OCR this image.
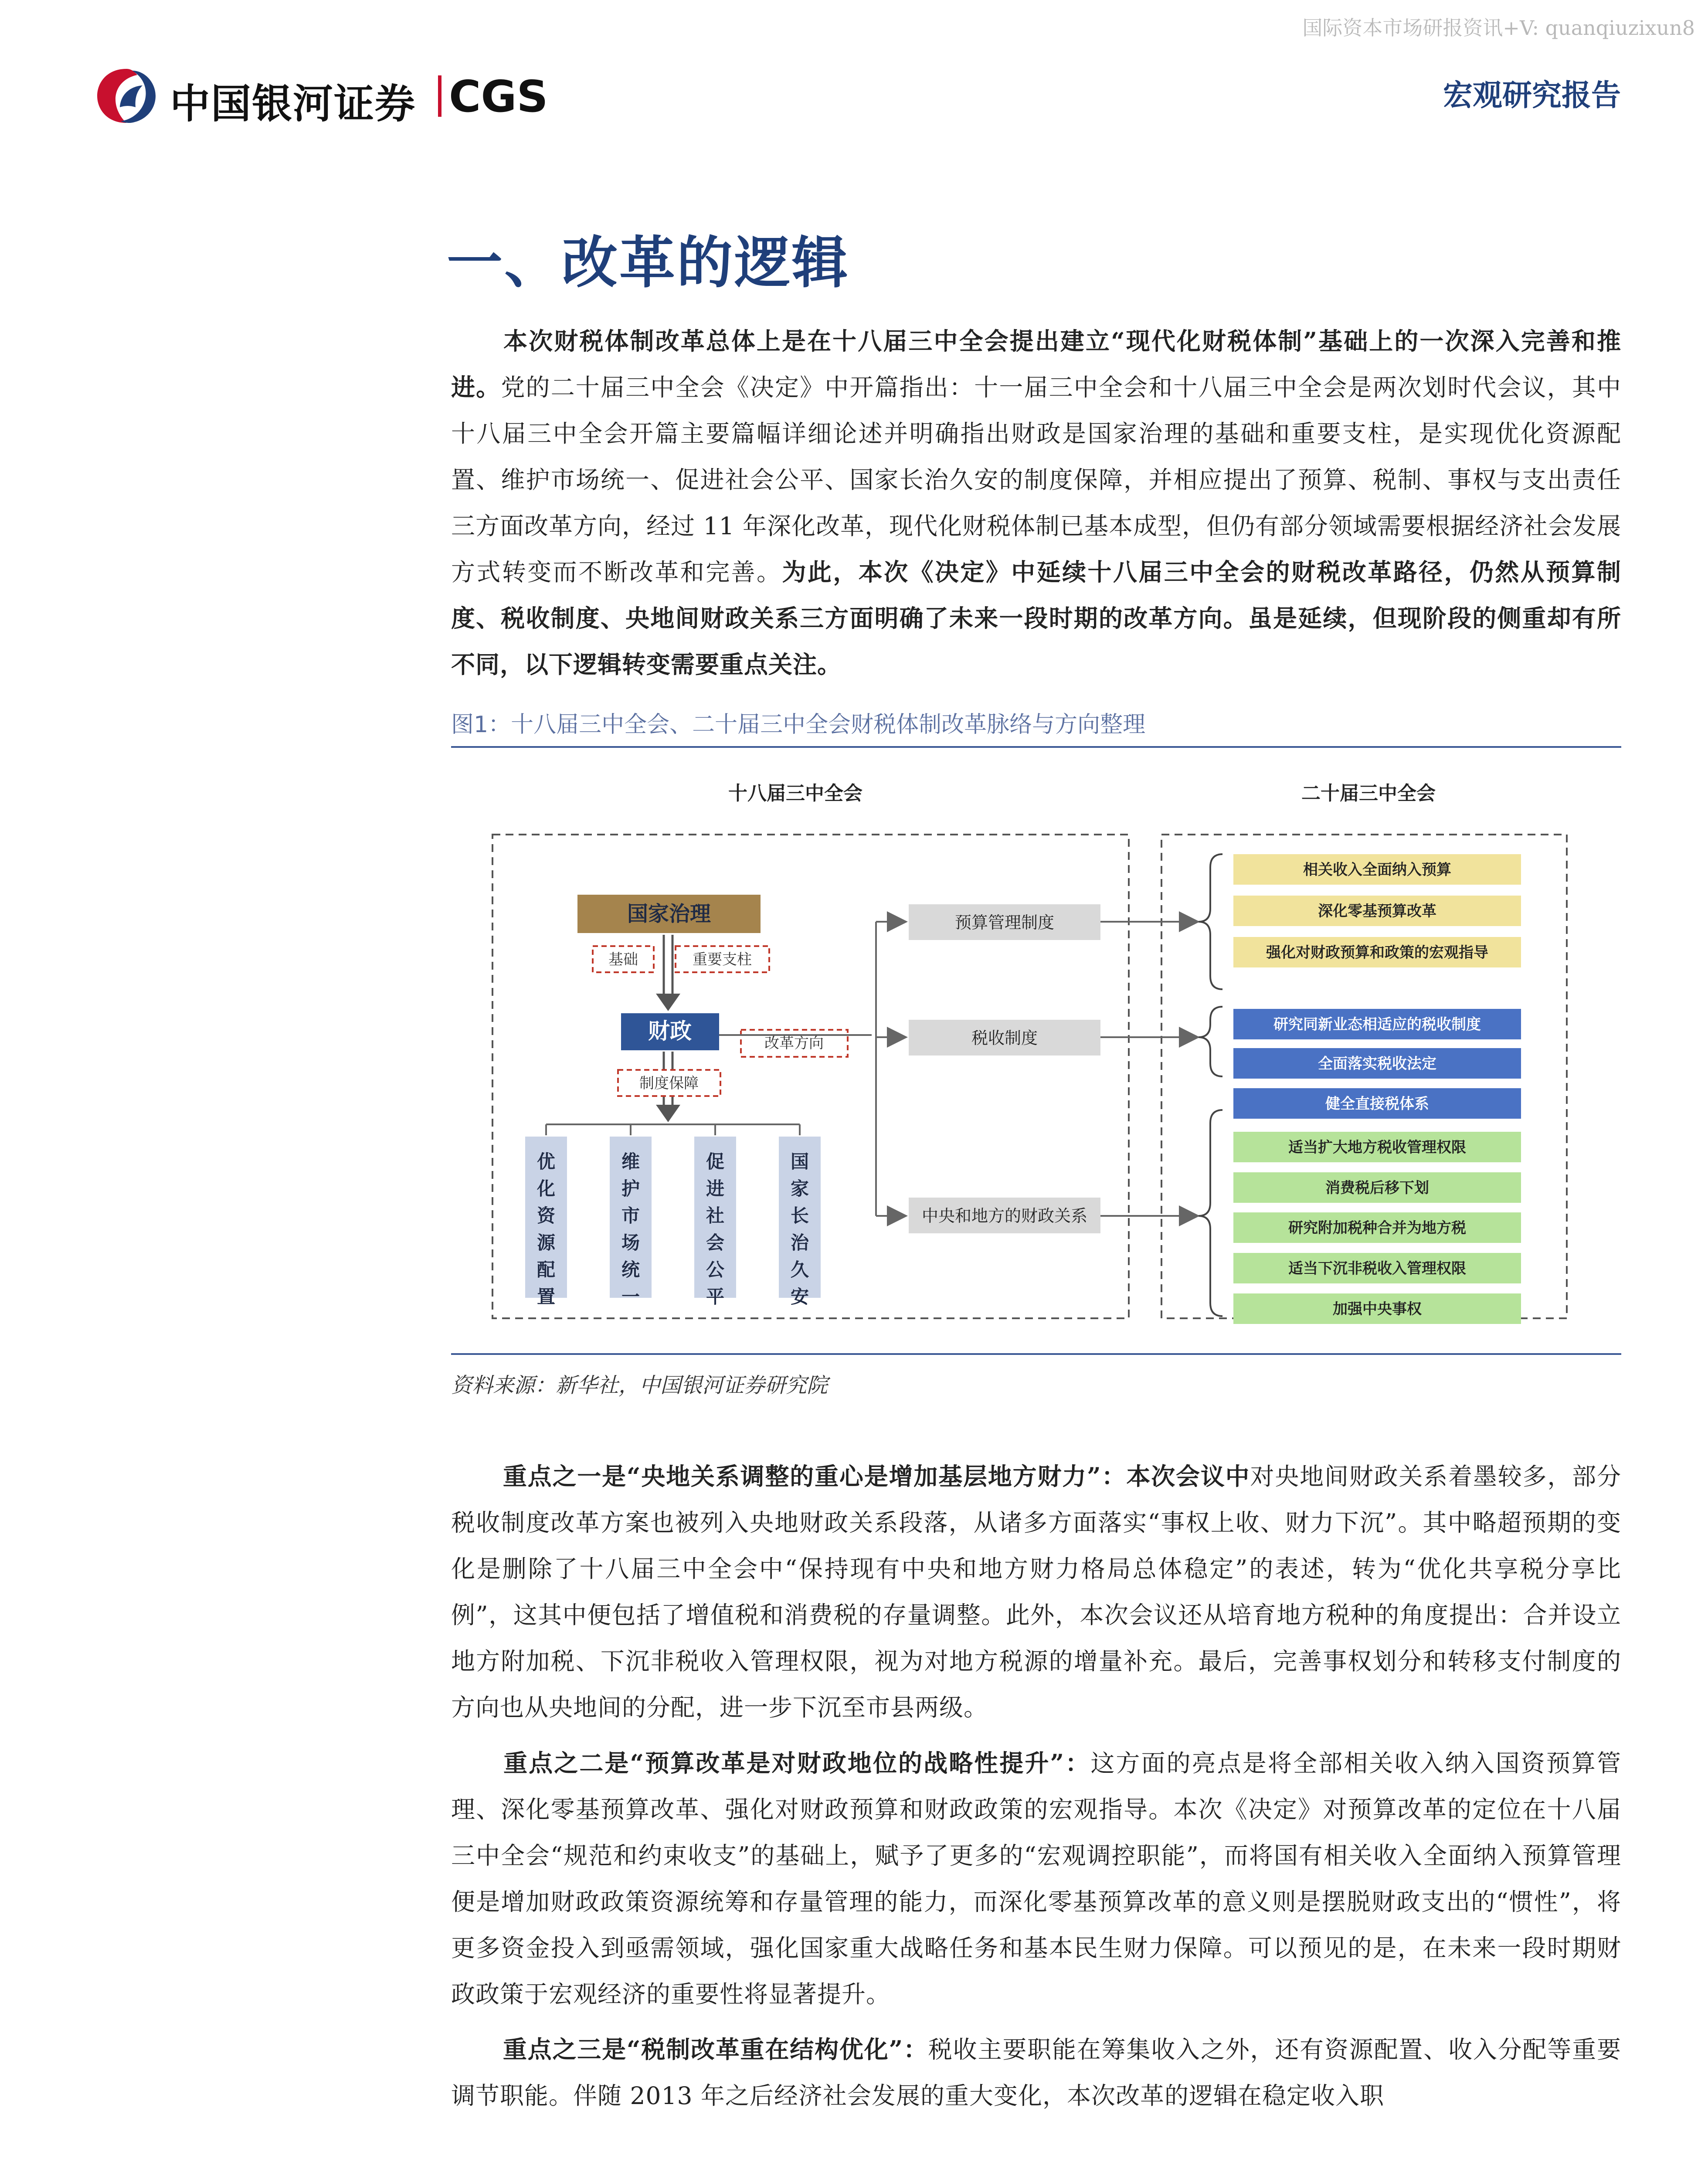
国际资本市场研报资讯+V: quanqiuzixun8
中国银河证券 CGS	宏观研究报告
一、改革的逻辑

本次财税体制改革总体上是在十八届三中全会提出建立“现代化财税体制”基础上的一次深入完善和推进。党的二十届三中全会《决定》中开篇指出：十一届三中全会和十八届三中全会是两次划时代会议，其中十八届三中全会开篇主要篇幅详细论述并明确指出财政是国家治理的基础和重要支柱，是实现优化资源配置、维护市场统一、促进社会公平、国家长治久安的制度保障，并相应提出了预算、税制、事权与支出责任三方面改革方向，经过 11 年深化改革，现代化财税体制已基本成型，但仍有部分领域需要根据经济社会发展方式转变而不断改革和完善。为此，本次《决定》中延续十八届三中全会的财税改革路径，仍然从预算制度、税收制度、央地间财政关系三方面明确了未来一段时期的改革方向。虽是延续，但现阶段的侧重却有所不同，以下逻辑转变需要重点关注。

图1：十八届三中全会、二十届三中全会财税体制改革脉络与方向整理
十八届三中全会	二十届三中全会
国家治理
基础	重要支柱
财政	改革方向
制度保障
优
化
资
源
配
置
维
护
市
场
统
一
促
进
社
会
公
平
国
家
长
治
久
安
预算管理制度
税收制度
中央和地方的财政关系
相关收入全面纳入预算
深化零基预算改革
强化对财政预算和政策的宏观指导
研究同新业态相适应的税收制度
全面落实税收法定
健全直接税体系
适当扩大地方税收管理权限
消费税后移下划
研究附加税种合并为地方税
适当下沉非税收入管理权限
加强中央事权
资料来源：新华社，中国银河证券研究院

重点之一是“央地关系调整的重心是增加基层地方财力”：本次会议中对央地间财政关系着墨较多，部分税收制度改革方案也被列入央地财政关系段落，从诸多方面落实“事权上收、财力下沉”。其中略超预期的变化是删除了十八届三中全会中“保持现有中央和地方财力格局总体稳定”的表述，转为“优化共享税分享比例”，这其中便包括了增值税和消费税的存量调整。此外，本次会议还从培育地方税种的角度提出：合并设立地方附加税、下沉非税收入管理权限，视为对地方税源的增量补充。最后，完善事权划分和转移支付制度的方向也从央地间的分配，进一步下沉至市县两级。

重点之二是“预算改革是对财政地位的战略性提升”：这方面的亮点是将全部相关收入纳入国资预算管理、深化零基预算改革、强化对财政预算和财政政策的宏观指导。本次《决定》对预算改革的定位在十八届三中全会“规范和约束收支”的基础上，赋予了更多的“宏观调控职能”，而将国有相关收入全面纳入预算管理便是增加财政政策资源统筹和存量管理的能力，而深化零基预算改革的意义则是摆脱财政支出的“惯性”，将更多资金投入到亟需领域，强化国家重大战略任务和基本民生财力保障。可以预见的是，在未来一段时期财政政策于宏观经济的重要性将显著提升。

重点之三是“税制改革重在结构优化”：税收主要职能在筹集收入之外，还有资源配置、收入分配等重要调节职能。伴随 2013 年之后经济社会发展的重大变化，本次改革的逻辑在稳定收入职
